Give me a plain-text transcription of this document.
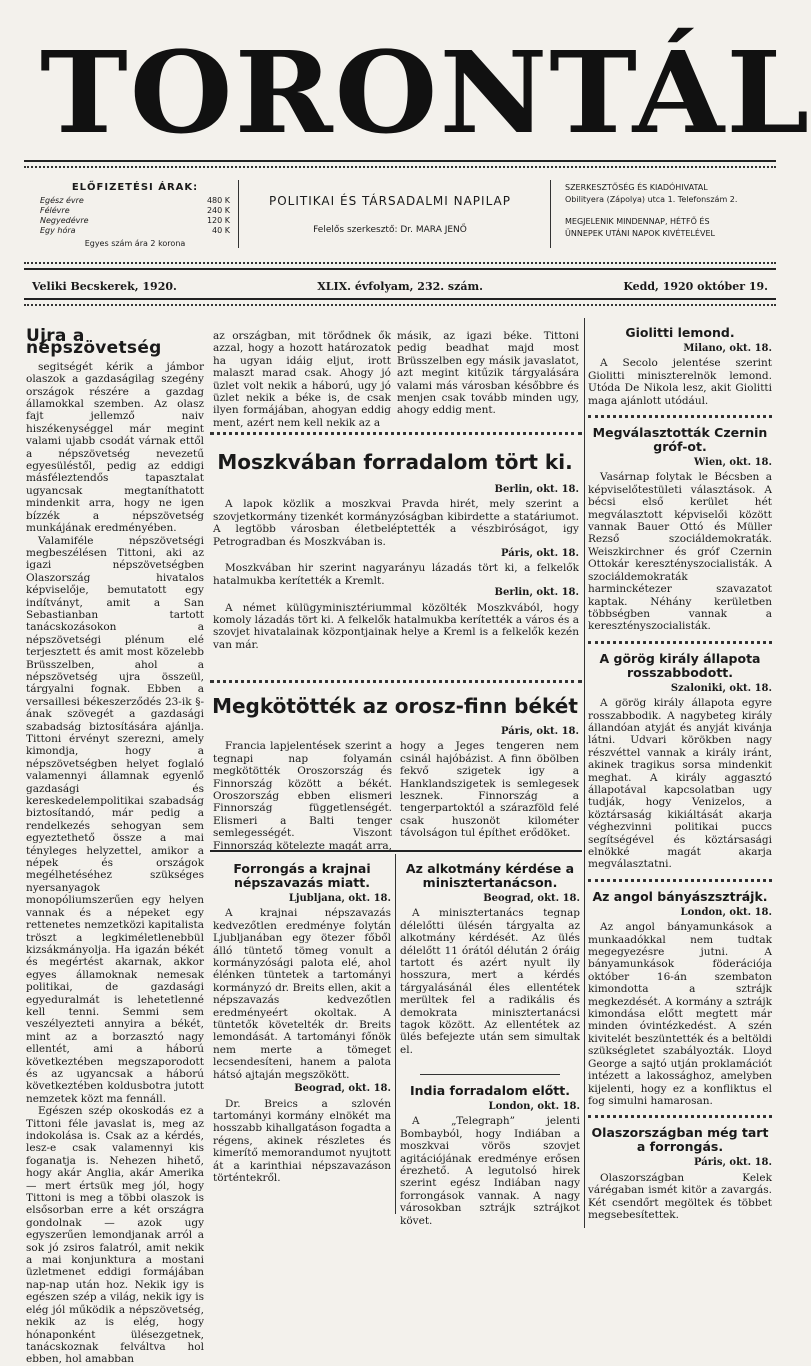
TORONTÁL
ELŐFIZETÉSI ÁRAK:
Egész évre	480 K
Félévre	240 K
Negyedévre	120 K
Egy hóra	40 K
Egyes szám ára 2 korona
POLITIKAI ÉS TÁRSADALMI NAPILAP
Felelős szerkesztő: Dr. MARA JENŐ
SZERKESZTŐSÉG ÉS KIADÓHIVATAL
Obilityera (Zápolya) utca 1. Telefonszám 2.
MEGJELENIK MINDENNAP, HÉTFŐ ÉS
ÜNNEPEK UTÁNI NAPOK KIVÉTELÉVEL
Veliki Becskerek, 1920.	XLIX. évfolyam, 232. szám.	Kedd, 1920 október 19.
Ujra a népszövetség

segitségét kérik a jámbor olaszok a gazdaságilag szegény országok részére a gazdag államokkal szemben. Az olasz fajt jellemző naiv hiszékenységgel már megint valami ujabb csodát várnak ettől a népszövetség nevezetű egyesüléstől, pedig az eddigi másféleztendős tapasztalat ugyancsak megtaníthatott mindenkit arra, hogy ne igen bízzék a népszövetség munkájának eredményében.

Valamiféle népszövetségi megbeszélésen Tittoni, aki az igazi népszövetségben Olaszország hivatalos képviselője, bemutatott egy indítványt, amit a San Sebastianban tartott tanácskozásokon a népszövetségi plénum elé terjesztett és amit most közelebb Brüsszelben, ahol a népszövetség ujra összeül, tárgyalni fognak. Ebben a versaillesi békeszerződés 23-ik §-ának szövegét a gazdasági szabadság biztosítására ajánlja. Tittoni érvényt szerezni, amely kimondja, hogy a népszövetségben helyet foglaló valamennyi államnak egyenlő gazdasági és kereskedelempolitikai szabadság biztosítandó, már pedig a rendelkezés sehogyan sem egyeztethető össze a mai tényleges helyzettel, amikor a népek és országok megélhetéséhez szükséges nyersanyagok monopóliumszerűen egy helyen vannak és a népeket egy rettenetes nemzetközi kapitalista tröszt a legkiméletlenebbül kizsákmányolja. Ha igazán békét és megértést akarnak, akkor egyes államoknak nemesak politikai, de gazdasági egyeduralmát is lehetetlenné kell tenni. Semmi sem veszélyezteti annyira a békét, mint az a borzasztó nagy ellentét, ami a háború következtében megszaporodott és az ugyancsak a háború következtében koldusbotra jutott nemzetek közt ma fennáll.

Egészen szép okoskodás ez a Tittoni féle javaslat is, meg az indokolása is. Csak az a kérdés, lesz-e csak valamennyi kis foganatja is. Nehezen hihető, hogy akár Anglia, akár Amerika — mert értsük meg jól, hogy Tittoni is meg a többi olaszok is elsősorban erre a két országra gondolnak — azok ugy egyszerűen lemondjanak arról a sok jó zsiros falatról, amit nekik a mai konjunktura a mostani üzletmenet eddigi formájában nap-nap után hoz. Nekik igy is egészen szép a világ, nekik igy is elég jól működik a népszövetség, nekik az is elég, hogy hónaponként ülésezgetnek, tanácskoznak felváltva hol ebben, hol amabban

az országban, mit törődnek ők azzal, hogy a hozott határozatok ha ugyan idáig eljut, irott malaszt marad csak. Ahogy jó üzlet volt nekik a háború, ugy jó üzlet nekik a béke is, de csak ilyen formájában, ahogyan eddig ment, azért nem kell nekik az a

másik, az igazi béke. Tittoni pedig beadhat majd most Brüsszelben egy másik javaslatot, azt megint kitűzik tárgyalására valami más városban későbbre és menjen csak tovább minden ugy, ahogy eddig ment.

Moszkvában forradalom tört ki.
Berlin, okt. 18.

A lapok közlik a moszkvai Pravda hirét, mely szerint a szovjetkormány tizenkét kormányzóságban kibirdette a statáriumot. A legtöbb városban életbeléptették a vészbiróságot, igy Petrogradban és Moszkvában is.

Páris, okt. 18.

Moszkvában hir szerint nagyarányu lázadás tört ki, a felkelők hatalmukba kerítették a Kremlt.

Berlin, okt. 18.

A német külügyminisztériummal közölték Moszkvából, hogy komoly lázadás tört ki. A felkelők hatalmukba kerítették a város és a szovjet hivatalainak központjainak helye a Kreml is a felkelők kezén van már.

Megkötötték az orosz-finn békét
Páris, okt. 18.

Francia lapjelentések szerint a tegnapi nap folyamán megkötötték Oroszország és Finnország között a békét. Oroszország ebben elismeri Finnország függetlenségét. Elismeri a Balti tenger semlegességét. Viszont Finnország kötelezte magát arra, hogy a Jeges tengeren nem csinál hajóbázist. A finn öbölben fekvő szigetek igy a Hanklandszigetek is semlegesek lesznek. Finnország a tengerpartoktól a szárazföld felé csak huszonöt kilométer távolságon tul építhet erődöket.

Forrongás a krajnai népszavazás miatt.
Ljubljana, okt. 18.

A krajnai népszavazás kedvezőtlen eredménye folytán Ljubljanában egy ötezer főből álló tüntető tömeg vonult a kormányzósági palota elé, ahol élénken tüntetek a tartományi kormányzó dr. Breits ellen, akit a népszavazás kedvezőtlen eredményeért okoltak. A tüntetők követelték dr. Breits lemondását. A tartományi főnök nem merte a tömeget lecsendesíteni, hanem a palota hátsó ajtaján megszökött.

Beograd, okt. 18.

Dr. Breics a szlovén tartományi kormány elnökét ma hosszabb kihallgatáson fogadta a régens, akinek részletes és kimerítő memorandumot nyujtott át a karinthiai népszavazáson történtekről.

Az alkotmány kérdése a minisztertanácson.
Beograd, okt. 18.

A minisztertanács tegnap délelőtti ülésén tárgyalta az alkotmány kérdését. Az ülés délelőtt 11 órától délután 2 óráig tartott és azért nyult ily hosszura, mert a kérdés tárgyalásánál éles ellentétek merültek fel a radikális és demokrata minisztertanácsi tagok között. Az ellentétek az ülés befejezte után sem simultak el.

India forradalom előtt.
London, okt. 18.

A „Telegraph” jelenti Bombayból, hogy Indiában a moszkvai vörös szovjet agitációjának eredménye erősen érezhető. A legutolsó hirek szerint egész Indiában nagy forrongások vannak. A nagy városokban sztrájk sztrájkot követ.

Giolitti lemond.
Milano, okt. 18.

A Secolo jelentése szerint Giolitti miniszterelnök lemond. Utóda De Nikola lesz, akit Giolitti maga ajánlott utódául.

Megválasztották Czernin gróf-ot.
Wien, okt. 18.

Vasárnap folytak le Bécsben a képviselőtestületi választások. A bécsi első kerület hét megválasztott képviselői között vannak Bauer Ottó és Müller Rezső szociáldemokraták. Weiszkirchner és gróf Czernin Ottokár keresztényszocialisták. A szociáldemokraták harminckétezer szavazatot kaptak. Néhány kerületben többségben vannak a keresztényszocialisták.

A görög király állapota rosszabbodott.
Szaloniki, okt. 18.

A görög király állapota egyre rosszabbodik. A nagybeteg király állandóan atyját és anyját kivánja látni. Udvari körökben nagy részvéttel vannak a király iránt, akinek tragikus sorsa mindenkit meghat. A király aggasztó állapotával kapcsolatban ugy tudják, hogy Venizelos, a köztársaság kikiáltását akarja véghezvinni politikai puccs segítségével és köztársasági elnökké magát akarja megválasztatni.

Az angol bányászsztrájk.
London, okt. 18.

Az angol bányamunkások a munkaadókkal nem tudtak megegyezésre jutni. A bányamunkások föderációja október 16-án szembaton kimondotta a sztrájk megkezdését. A kormány a sztrájk kimondása előtt megtett már minden óvintézkedést. A szén kivitelét beszüntették és a beltöldi szükségletet szabályozták. Lloyd George a sajtó utján proklamációt intézett a lakossághoz, amelyben kijelenti, hogy ez a konfliktus el fog simulni hamarosan.

Olaszországban még tart a forrongás.
Páris, okt. 18.

Olaszországban Kelek várégaban ismét kitör a zavargás. Két csendőrt megöltek és többet megsebesítettek.
